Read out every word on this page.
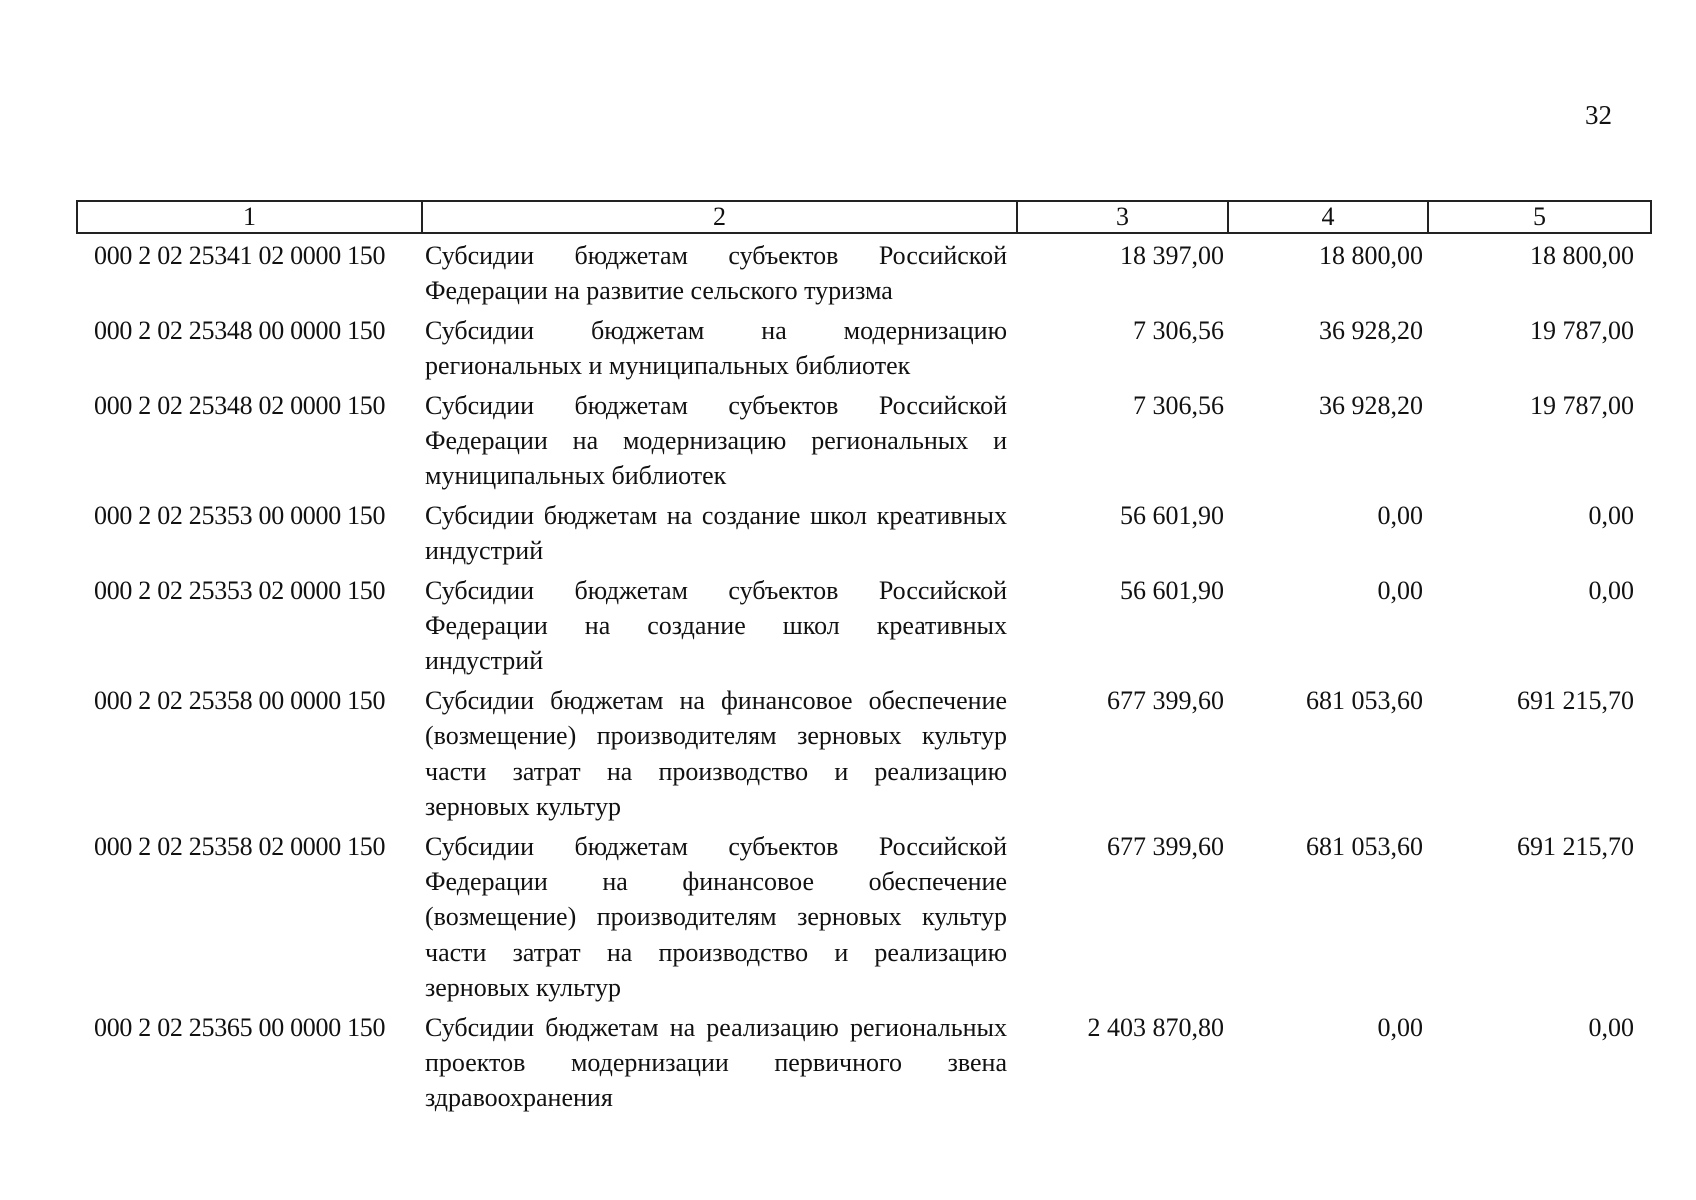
32
1	2	3	4	5
000 2 02 25341 02 0000 150	Субсидии бюджетам субъектов Российской Федерации на развитие сельского туризма	18 397,00	18 800,00	18 800,00
000 2 02 25348 00 0000 150	Субсидии бюджетам на модернизацию региональных и муниципальных библиотек	7 306,56	36 928,20	19 787,00
000 2 02 25348 02 0000 150	Субсидии бюджетам субъектов Российской Федерации на модернизацию региональных и муниципальных библиотек	7 306,56	36 928,20	19 787,00
000 2 02 25353 00 0000 150	Субсидии бюджетам на создание школ креативных индустрий	56 601,90	0,00	0,00
000 2 02 25353 02 0000 150	Субсидии бюджетам субъектов Российской Федерации на создание школ креативных индустрий	56 601,90	0,00	0,00
000 2 02 25358 00 0000 150	Субсидии бюджетам на финансовое обеспечение (возмещение) производителям зерновых культур части затрат на производство и реализацию зерновых культур	677 399,60	681 053,60	691 215,70
000 2 02 25358 02 0000 150	Субсидии бюджетам субъектов Российской Федерации на финансовое обеспечение (возмещение) производителям зерновых культур части затрат на производство и реализацию зерновых культур	677 399,60	681 053,60	691 215,70
000 2 02 25365 00 0000 150	Субсидии бюджетам на реализацию региональных проектов модернизации первичного звена здравоохранения	2 403 870,80	0,00	0,00
